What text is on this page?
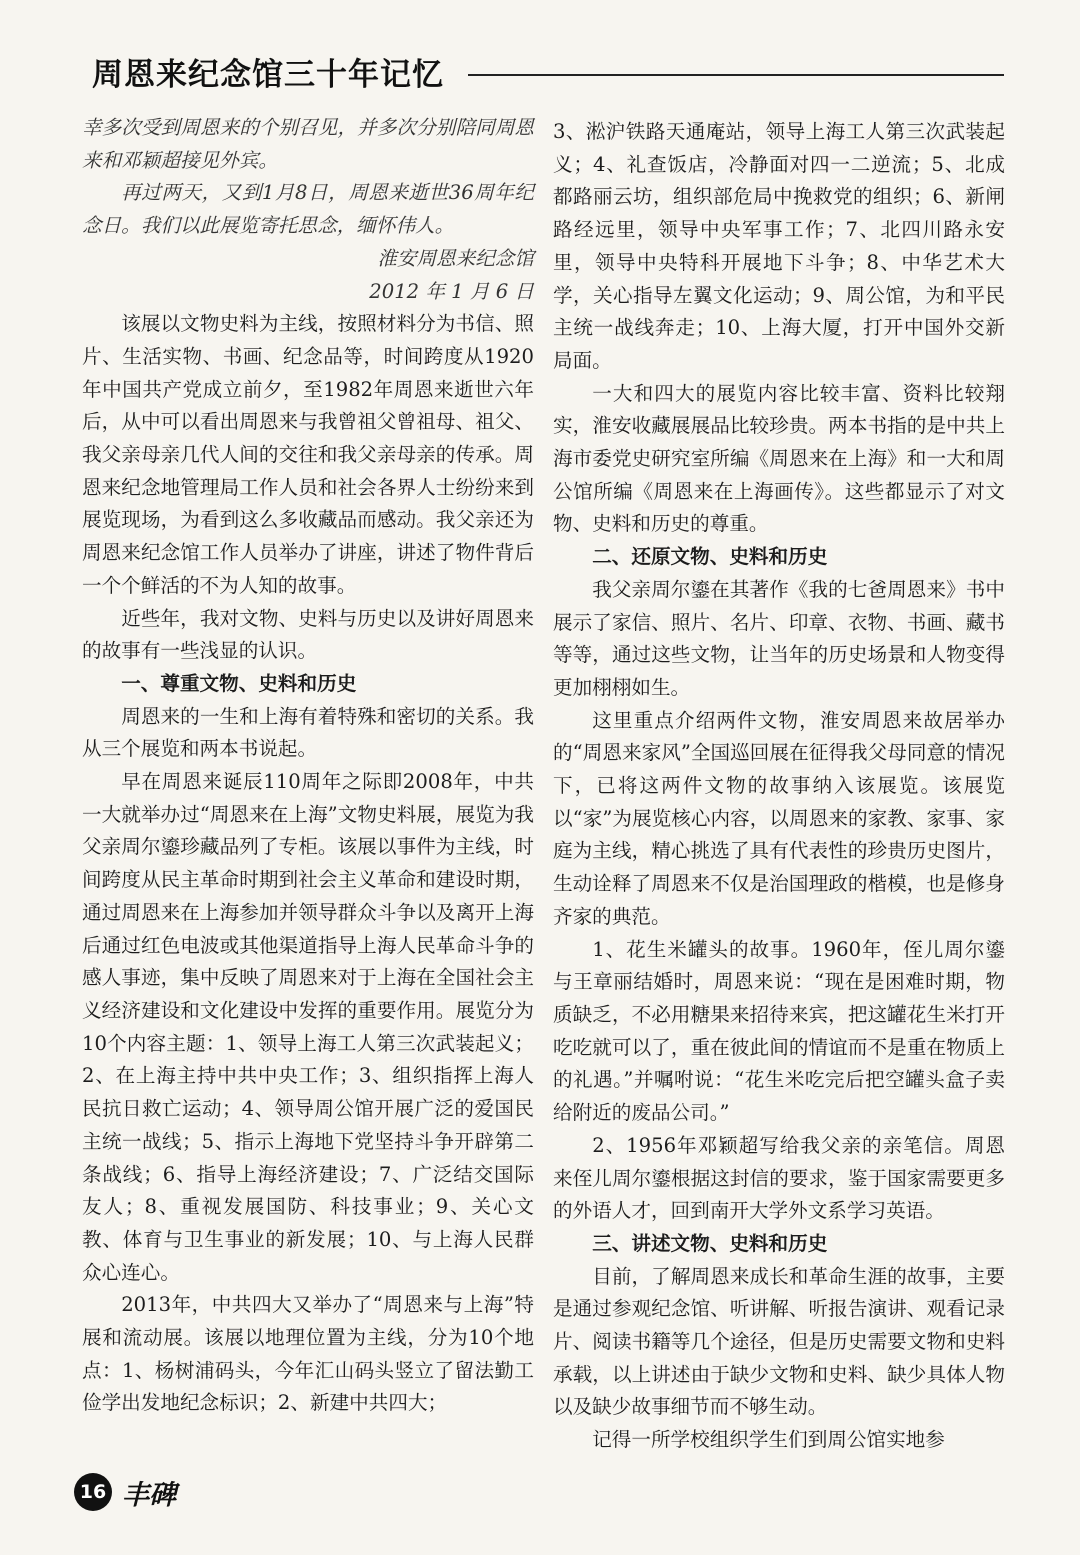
周恩来纪念馆三十年记忆

幸多次受到周恩来的个别召见，并多次分别陪同周恩来和邓颖超接见外宾。

再过两天，又到1月8日，周恩来逝世36周年纪念日。我们以此展览寄托思念，缅怀伟人。

淮安周恩来纪念馆

2012 年 1 月 6 日

该展以文物史料为主线，按照材料分为书信、照片、生活实物、书画、纪念品等，时间跨度从1920年中国共产党成立前夕，至1982年周恩来逝世六年后，从中可以看出周恩来与我曾祖父曾祖母、祖父、我父亲母亲几代人间的交往和我父亲母亲的传承。周恩来纪念地管理局工作人员和社会各界人士纷纷来到展览现场，为看到这么多收藏品而感动。我父亲还为周恩来纪念馆工作人员举办了讲座，讲述了物件背后一个个鲜活的不为人知的故事。

近些年，我对文物、史料与历史以及讲好周恩来的故事有一些浅显的认识。

一、尊重文物、史料和历史

周恩来的一生和上海有着特殊和密切的关系。我从三个展览和两本书说起。

早在周恩来诞辰110周年之际即2008年，中共一大就举办过“周恩来在上海”文物史料展，展览为我父亲周尔鎏珍藏品列了专柜。该展以事件为主线，时间跨度从民主革命时期到社会主义革命和建设时期，通过周恩来在上海参加并领导群众斗争以及离开上海后通过红色电波或其他渠道指导上海人民革命斗争的感人事迹，集中反映了周恩来对于上海在全国社会主义经济建设和文化建设中发挥的重要作用。展览分为10个内容主题：1、领导上海工人第三次武装起义；2、在上海主持中共中央工作；3、组织指挥上海人民抗日救亡运动；4、领导周公馆开展广泛的爱国民主统一战线；5、指示上海地下党坚持斗争开辟第二条战线；6、指导上海经济建设；7、广泛结交国际友人；8、重视发展国防、科技事业；9、关心文教、体育与卫生事业的新发展；10、与上海人民群众心连心。

2013年，中共四大又举办了“周恩来与上海”特展和流动展。该展以地理位置为主线，分为10个地点：1、杨树浦码头，今年汇山码头竖立了留法勤工俭学出发地纪念标识；2、新建中共四大；

3、淞沪铁路天通庵站，领导上海工人第三次武装起义；4、礼查饭店，冷静面对四一二逆流；5、北成都路丽云坊，组织部危局中挽救党的组织；6、新闸路经远里，领导中央军事工作；7、北四川路永安里，领导中央特科开展地下斗争；8、中华艺术大学，关心指导左翼文化运动；9、周公馆，为和平民主统一战线奔走；10、上海大厦，打开中国外交新局面。

一大和四大的展览内容比较丰富、资料比较翔实，淮安收藏展展品比较珍贵。两本书指的是中共上海市委党史研究室所编《周恩来在上海》和一大和周公馆所编《周恩来在上海画传》。这些都显示了对文物、史料和历史的尊重。

二、还原文物、史料和历史

我父亲周尔鎏在其著作《我的七爸周恩来》书中展示了家信、照片、名片、印章、衣物、书画、藏书等等，通过这些文物，让当年的历史场景和人物变得更加栩栩如生。

这里重点介绍两件文物，淮安周恩来故居举办的“周恩来家风”全国巡回展在征得我父母同意的情况下，已将这两件文物的故事纳入该展览。该展览以“家”为展览核心内容，以周恩来的家教、家事、家庭为主线，精心挑选了具有代表性的珍贵历史图片，生动诠释了周恩来不仅是治国理政的楷模，也是修身齐家的典范。

1、花生米罐头的故事。1960年，侄儿周尔鎏与王章丽结婚时，周恩来说：“现在是困难时期，物质缺乏，不必用糖果来招待来宾，把这罐花生米打开吃吃就可以了，重在彼此间的情谊而不是重在物质上的礼遇。”并嘱咐说：“花生米吃完后把空罐头盒子卖给附近的废品公司。”

2、1956年邓颖超写给我父亲的亲笔信。周恩来侄儿周尔鎏根据这封信的要求，鉴于国家需要更多的外语人才，回到南开大学外文系学习英语。

三、讲述文物、史料和历史

目前，了解周恩来成长和革命生涯的故事，主要是通过参观纪念馆、听讲解、听报告演讲、观看记录片、阅读书籍等几个途径，但是历史需要文物和史料承载，以上讲述由于缺少文物和史料、缺少具体人物以及缺少故事细节而不够生动。

记得一所学校组织学生们到周公馆实地参

16 丰碑
